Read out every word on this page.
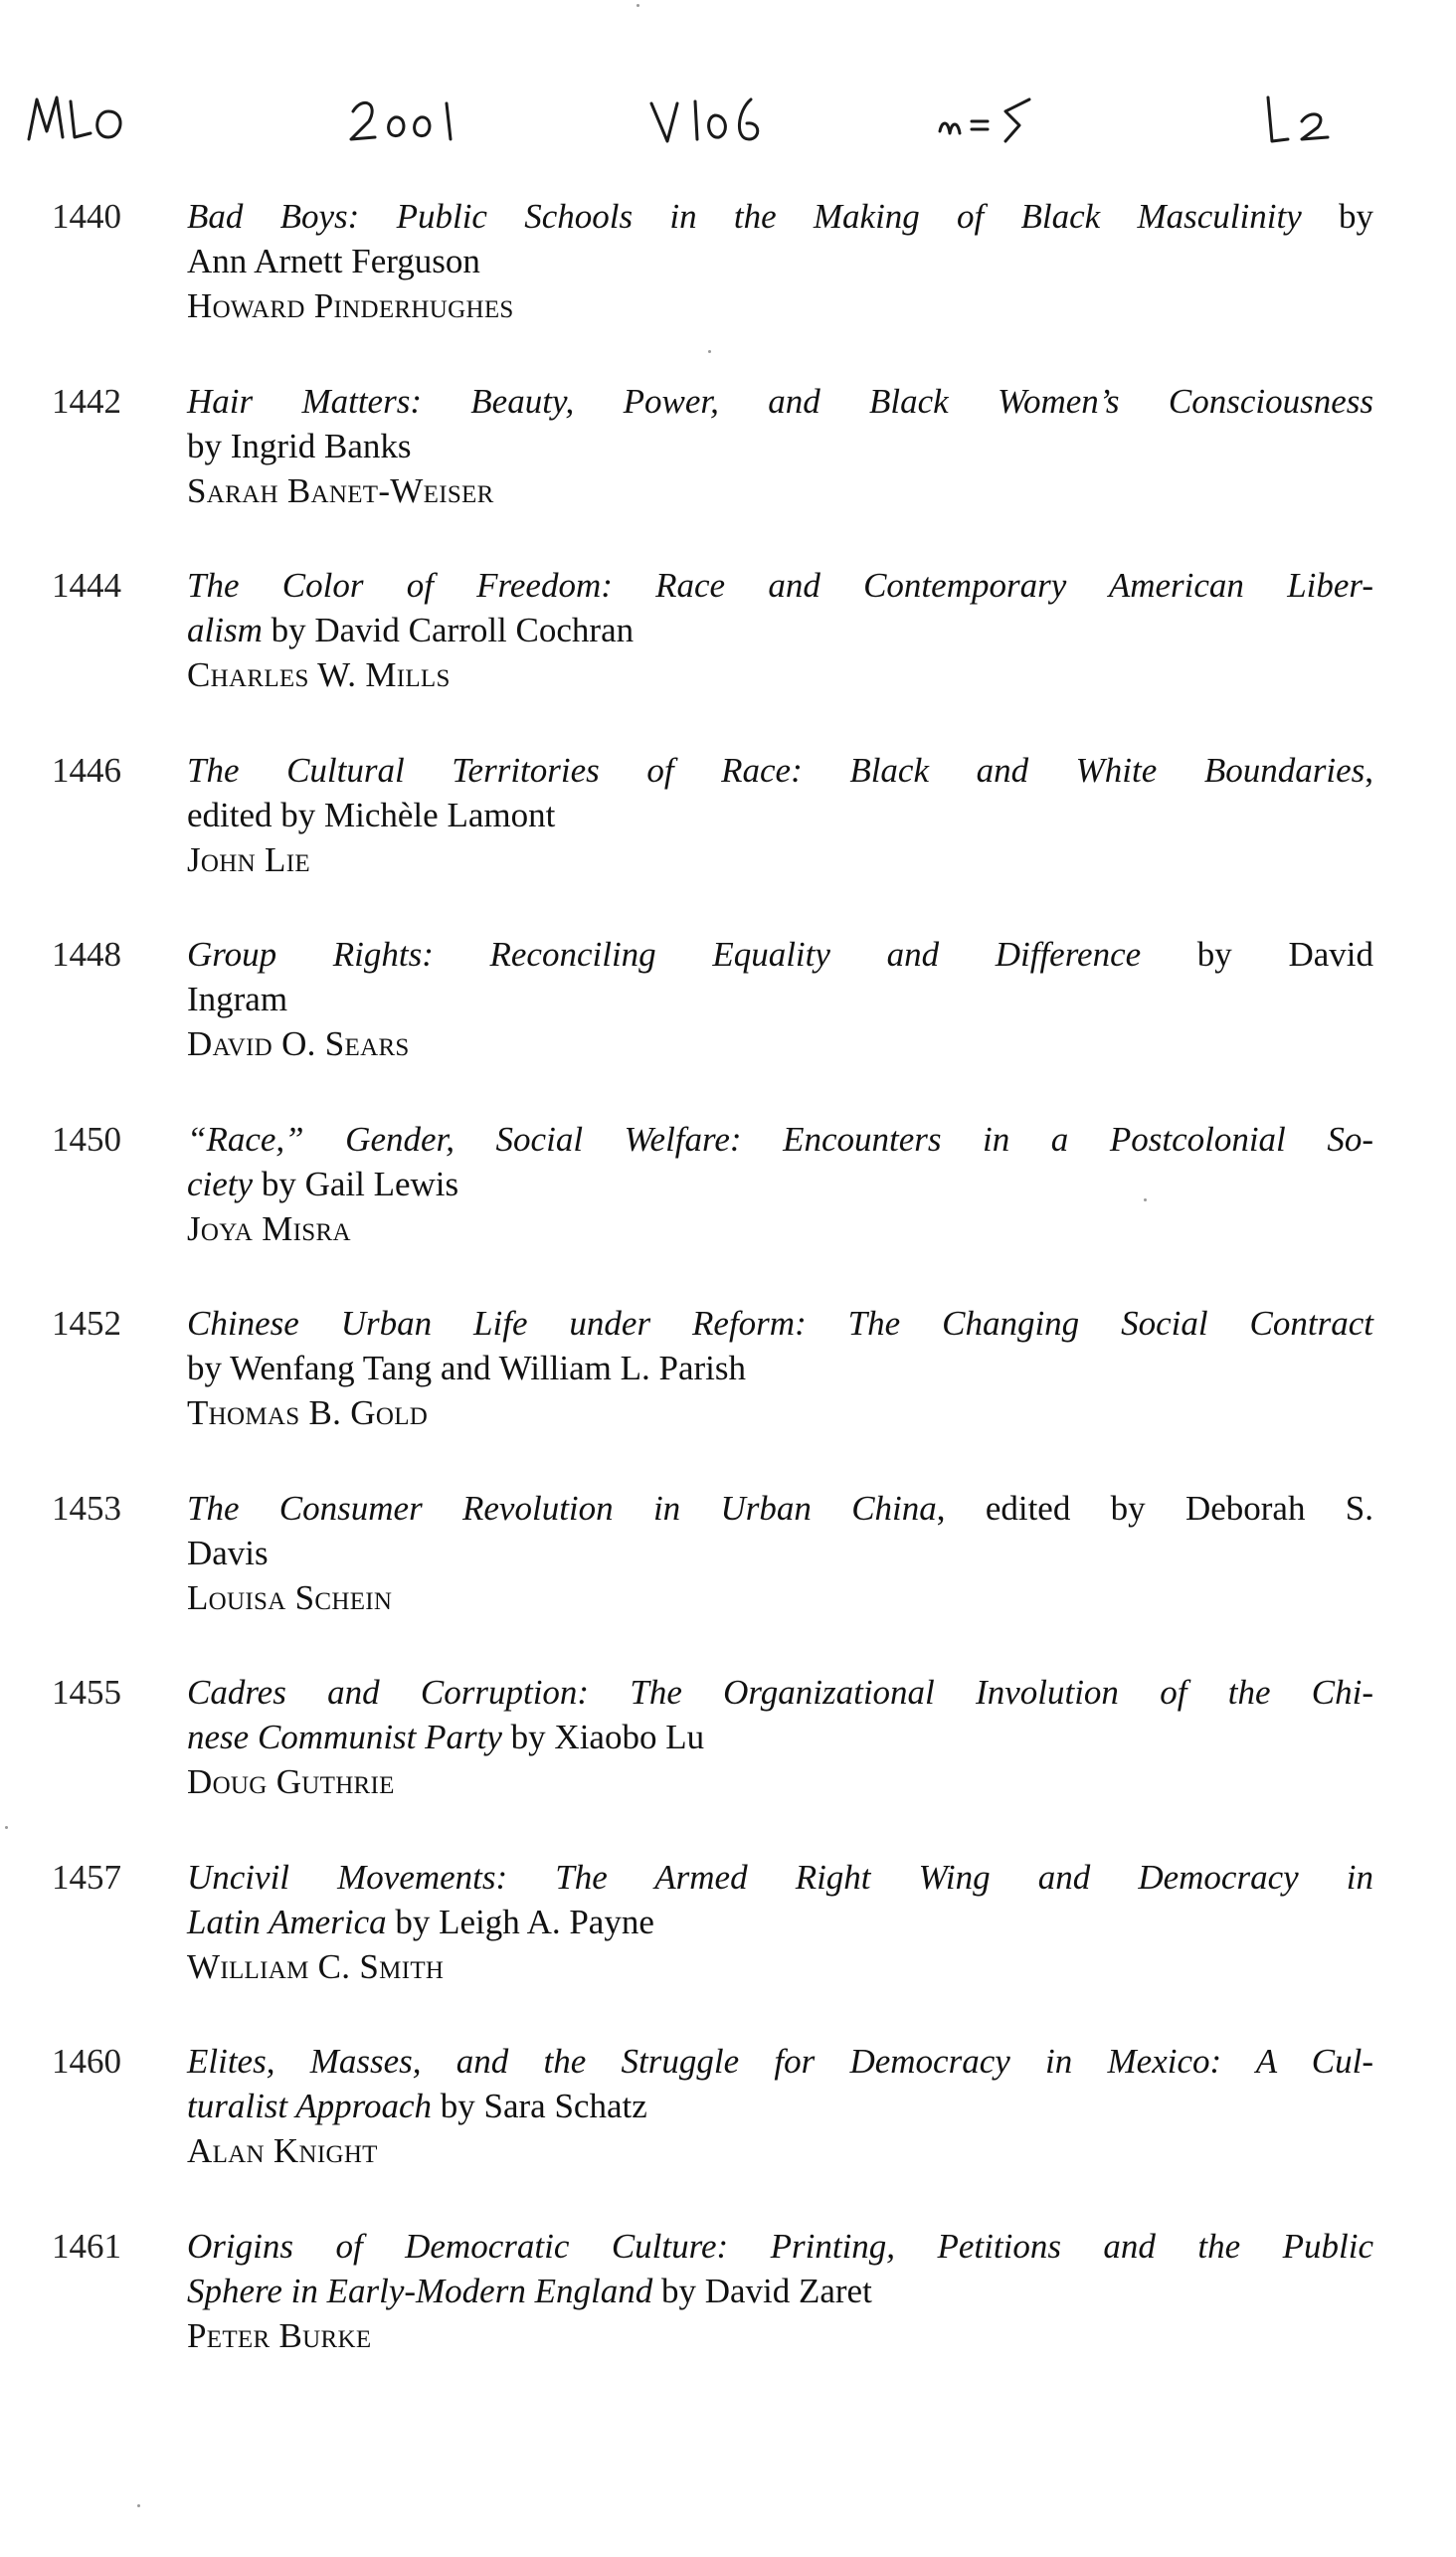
1440 Bad Boys: Public Schools in the Making of Black Masculinity by
Ann Arnett Ferguson
Howard Pinderhughes
1442 Hair Matters: Beauty, Power, and Black Women’s Consciousness
by Ingrid Banks
Sarah Banet-Weiser
1444 The Color of Freedom: Race and Contemporary American Liber-
alism by David Carroll Cochran
Charles W. Mills
1446 The Cultural Territories of Race: Black and White Boundaries,
edited by Michèle Lamont
John Lie
1448 Group Rights: Reconciling Equality and Difference by David
Ingram
David O. Sears
1450 “Race,” Gender, Social Welfare: Encounters in a Postcolonial So-
ciety by Gail Lewis
Joya Misra
1452 Chinese Urban Life under Reform: The Changing Social Contract
by Wenfang Tang and William L. Parish
Thomas B. Gold
1453 The Consumer Revolution in Urban China, edited by Deborah S.
Davis
Louisa Schein
1455 Cadres and Corruption: The Organizational Involution of the Chi-
nese Communist Party by Xiaobo Lu
Doug Guthrie
1457 Uncivil Movements: The Armed Right Wing and Democracy in
Latin America by Leigh A. Payne
William C. Smith
1460 Elites, Masses, and the Struggle for Democracy in Mexico: A Cul-
turalist Approach by Sara Schatz
Alan Knight
1461 Origins of Democratic Culture: Printing, Petitions and the Public
Sphere in Early-Modern England by David Zaret
Peter Burke
